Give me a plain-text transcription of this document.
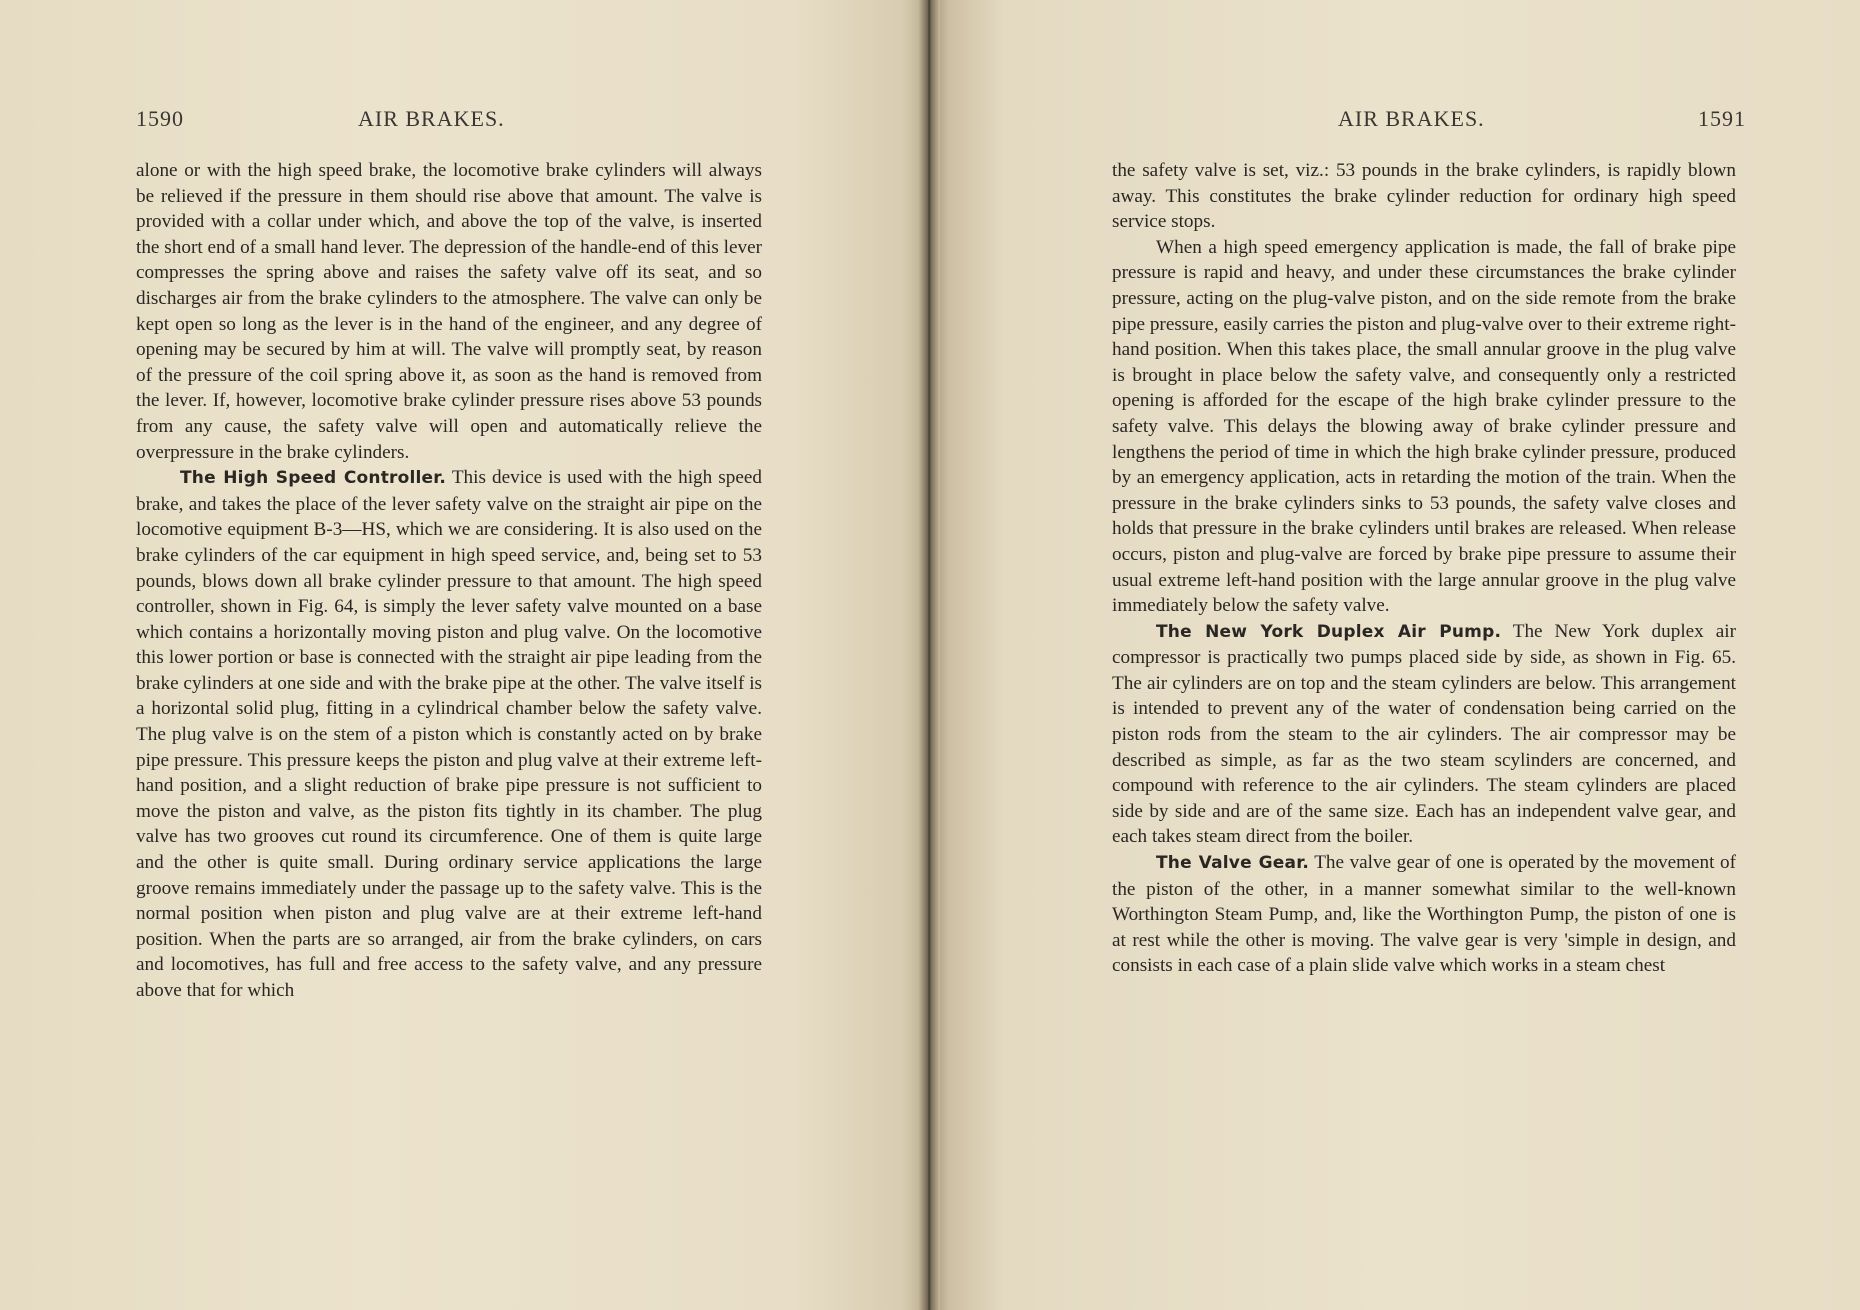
1590	AIR BRAKES.

alone or with the high speed brake, the locomotive brake cylinders will always be relieved if the pressure in them should rise above that amount. The valve is provided with a collar under which, and above the top of the valve, is inserted the short end of a small hand lever. The depression of the handle-end of this lever compresses the spring above and raises the safety valve off its seat, and so discharges air from the brake cylinders to the atmosphere. The valve can only be kept open so long as the lever is in the hand of the engineer, and any degree of opening may be secured by him at will. The valve will promptly seat, by reason of the pressure of the coil spring above it, as soon as the hand is removed from the lever. If, however, locomotive brake cylinder pressure rises above 53 pounds from any cause, the safety valve will open and automatically relieve the overpressure in the brake cylinders.

The High Speed Controller. This device is used with the high speed brake, and takes the place of the lever safety valve on the straight air pipe on the locomotive equipment B-3—HS, which we are considering. It is also used on the brake cylinders of the car equipment in high speed service, and, being set to 53 pounds, blows down all brake cylinder pressure to that amount. The high speed controller, shown in Fig. 64, is simply the lever safety valve mounted on a base which contains a horizontally moving piston and plug valve. On the locomotive this lower portion or base is connected with the straight air pipe leading from the brake cylinders at one side and with the brake pipe at the other. The valve itself is a horizontal solid plug, fitting in a cylindrical chamber below the safety valve. The plug valve is on the stem of a piston which is constantly acted on by brake pipe pressure. This pressure keeps the piston and plug valve at their extreme left-hand position, and a slight reduction of brake pipe pressure is not sufficient to move the piston and valve, as the piston fits tightly in its chamber. The plug valve has two grooves cut round its circumference. One of them is quite large and the other is quite small. During ordinary service applications the large groove remains immediately under the passage up to the safety valve. This is the normal position when piston and plug valve are at their extreme left-hand position. When the parts are so arranged, air from the brake cylinders, on cars and locomotives, has full and free access to the safety valve, and any pressure above that for which

AIR BRAKES.	1591

the safety valve is set, viz.: 53 pounds in the brake cylinders, is rapidly blown away. This constitutes the brake cylinder reduction for ordinary high speed service stops.

When a high speed emergency application is made, the fall of brake pipe pressure is rapid and heavy, and under these circumstances the brake cylinder pressure, acting on the plug-valve piston, and on the side remote from the brake pipe pressure, easily carries the piston and plug-valve over to their extreme right-hand position. When this takes place, the small annular groove in the plug valve is brought in place below the safety valve, and consequently only a restricted opening is afforded for the escape of the high brake cylinder pressure to the safety valve. This delays the blowing away of brake cylinder pressure and lengthens the period of time in which the high brake cylinder pressure, produced by an emergency application, acts in retarding the motion of the train. When the pressure in the brake cylinders sinks to 53 pounds, the safety valve closes and holds that pressure in the brake cylinders until brakes are released. When release occurs, piston and plug-valve are forced by brake pipe pressure to assume their usual extreme left-hand position with the large annular groove in the plug valve immediately below the safety valve.

The New York Duplex Air Pump. The New York duplex air compressor is practically two pumps placed side by side, as shown in Fig. 65. The air cylinders are on top and the steam cylinders are below. This arrangement is intended to prevent any of the water of condensation being carried on the piston rods from the steam to the air cylinders. The air compressor may be described as simple, as far as the two steam scylinders are concerned, and compound with reference to the air cylinders. The steam cylinders are placed side by side and are of the same size. Each has an independent valve gear, and each takes steam direct from the boiler.

The Valve Gear. The valve gear of one is operated by the movement of the piston of the other, in a manner somewhat similar to the well-known Worthington Steam Pump, and, like the Worthington Pump, the piston of one is at rest while the other is moving. The valve gear is very 'simple in design, and consists in each case of a plain slide valve which works in a steam chest
